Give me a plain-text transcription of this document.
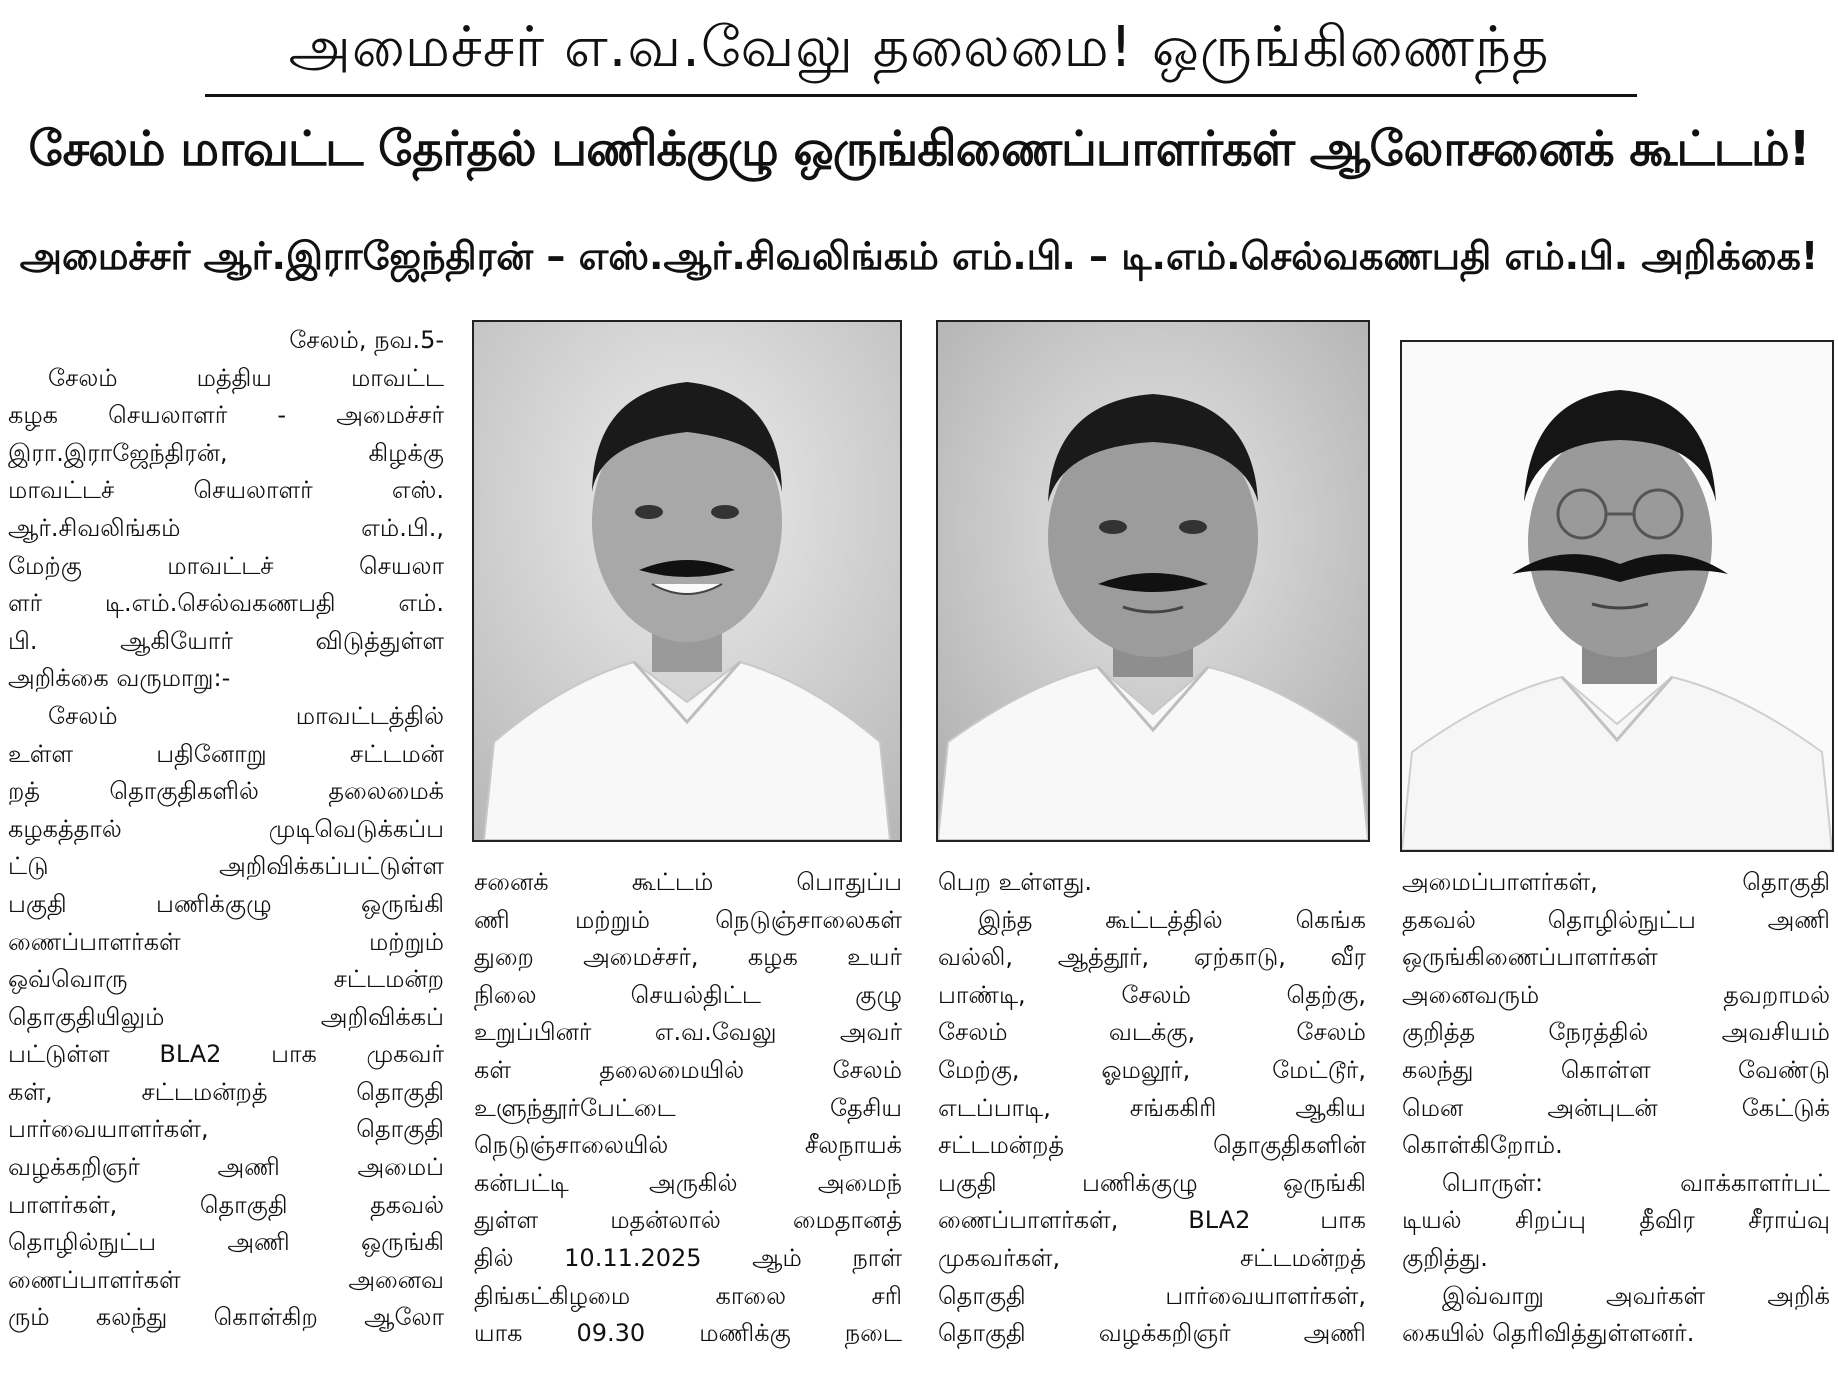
அமைச்சர் எ.வ.வேலு தலைமை! ஒருங்கிணைந்த
சேலம் மாவட்ட தேர்தல் பணிக்குழு ஒருங்கிணைப்பாளர்கள் ஆலோசனைக் கூட்டம்!
அமைச்சர் ஆர்.இராஜேந்திரன் – எஸ்.ஆர்.சிவலிங்கம் எம்.பி. – டி.எம்.செல்வகணபதி எம்.பி. அறிக்கை!
சேலம், நவ.5-
சேலம் மத்திய மாவட்ட
கழக செயலாளர் - அமைச்சர்
இரா.இராஜேந்திரன், கிழக்கு
மாவட்டச் செயலாளர் எஸ்.
ஆர்.சிவலிங்கம் எம்.பி.,
மேற்கு மாவட்டச் செயலா
ளர் டி.எம்.செல்வகணபதி எம்.
பி. ஆகியோர் விடுத்துள்ள
அறிக்கை வருமாறு:-
சேலம் மாவட்டத்தில்
உள்ள பதினோறு சட்டமன்
றத் தொகுதிகளில் தலைமைக்
கழகத்தால் முடிவெடுக்கப்ப
ட்டு அறிவிக்கப்பட்டுள்ள
பகுதி பணிக்குழு ஒருங்கி
ணைப்பாளர்கள் மற்றும்
ஒவ்வொரு சட்டமன்ற
தொகுதியிலும் அறிவிக்கப்
பட்டுள்ள BLA2 பாக முகவர்
கள், சட்டமன்றத் தொகுதி
பார்வையாளர்கள், தொகுதி
வழக்கறிஞர் அணி அமைப்
பாளர்கள், தொகுதி தகவல்
தொழில்நுட்ப அணி ஒருங்கி
ணைப்பாளர்கள் அனைவ
ரும் கலந்து கொள்கிற ஆலோ
சனைக் கூட்டம் பொதுப்ப
ணி மற்றும் நெடுஞ்சாலைகள்
துறை அமைச்சர், கழக உயர்
நிலை செயல்திட்ட குழு
உறுப்பினர் எ.வ.வேலு அவர்
கள் தலைமையில் சேலம்
உளுந்தூர்பேட்டை தேசிய
நெடுஞ்சாலையில் சீலநாயக்
கன்பட்டி அருகில் அமைந்
துள்ள மதன்லால் மைதானத்
தில் 10.11.2025 ஆம் நாள்
திங்கட்கிழமை காலை சரி
யாக 09.30 மணிக்கு நடை
பெற உள்ளது.
இந்த கூட்டத்தில் கெங்க
வல்லி, ஆத்தூர், ஏற்காடு, வீர
பாண்டி, சேலம் தெற்கு,
சேலம் வடக்கு, சேலம்
மேற்கு, ஓமலூர், மேட்டூர்,
எடப்பாடி, சங்ககிரி ஆகிய
சட்டமன்றத் தொகுதிகளின்
பகுதி பணிக்குழு ஒருங்கி
ணைப்பாளர்கள், BLA2 பாக
முகவர்கள், சட்டமன்றத்
தொகுதி பார்வையாளர்கள்,
தொகுதி வழக்கறிஞர் அணி
அமைப்பாளர்கள், தொகுதி
தகவல் தொழில்நுட்ப அணி
ஒருங்கிணைப்பாளர்கள்
அனைவரும் தவறாமல்
குறித்த நேரத்தில் அவசியம்
கலந்து கொள்ள வேண்டு
மென அன்புடன் கேட்டுக்
கொள்கிறோம்.
பொருள்: வாக்காளர்பட்
டியல் சிறப்பு தீவிர சீராய்வு
குறித்து.
இவ்வாறு அவர்கள் அறிக்
கையில் தெரிவித்துள்ளனர்.
